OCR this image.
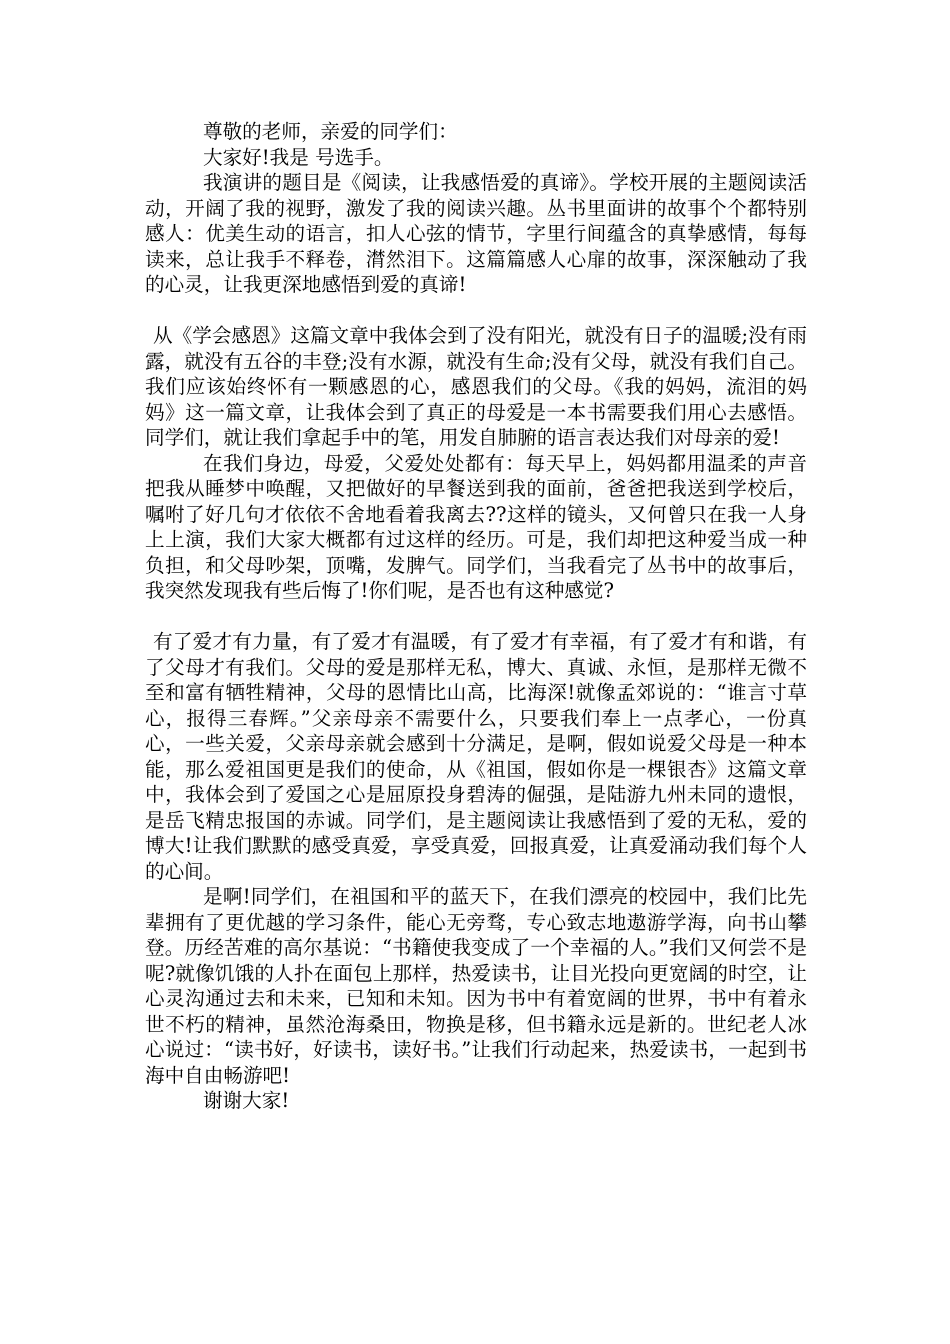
尊敬的老师，亲爱的同学们：

大家好!我是 号选手。

我演讲的题目是《阅读，让我感悟爱的真谛》。学校开展的主题阅读活动，开阔了我的视野，激发了我的阅读兴趣。丛书里面讲的故事个个都特别感人：优美生动的语言，扣人心弦的情节，字里行间蕴含的真挚感情，每每读来，总让我手不释卷，潸然泪下。这篇篇感人心扉的故事，深深触动了我的心灵，让我更深地感悟到爱的真谛!

从《学会感恩》这篇文章中我体会到了没有阳光，就没有日子的温暖;没有雨露，就没有五谷的丰登;没有水源，就没有生命;没有父母，就没有我们自己。我们应该始终怀有一颗感恩的心，感恩我们的父母。《我的妈妈，流泪的妈妈》这一篇文章，让我体会到了真正的母爱是一本书需要我们用心去感悟。同学们，就让我们拿起手中的笔，用发自肺腑的语言表达我们对母亲的爱!

在我们身边，母爱，父爱处处都有：每天早上，妈妈都用温柔的声音把我从睡梦中唤醒，又把做好的早餐送到我的面前，爸爸把我送到学校后，嘱咐了好几句才依依不舍地看着我离去??这样的镜头，又何曾只在我一人身上上演，我们大家大概都有过这样的经历。可是，我们却把这种爱当成一种负担，和父母吵架，顶嘴，发脾气。同学们，当我看完了丛书中的故事后，我突然发现我有些后悔了!你们呢，是否也有这种感觉?

有了爱才有力量，有了爱才有温暖，有了爱才有幸福，有了爱才有和谐，有了父母才有我们。父母的爱是那样无私，博大、真诚、永恒，是那样无微不至和富有牺牲精神，父母的恩情比山高，比海深!就像孟郊说的：“谁言寸草心，报得三春辉。”父亲母亲不需要什么，只要我们奉上一点孝心，一份真心，一些关爱，父亲母亲就会感到十分满足，是啊，假如说爱父母是一种本能，那么爱祖国更是我们的使命，从《祖国，假如你是一棵银杏》这篇文章中，我体会到了爱国之心是屈原投身碧涛的倔强，是陆游九州未同的遗恨，是岳飞精忠报国的赤诚。同学们，是主题阅读让我感悟到了爱的无私，爱的博大!让我们默默的感受真爱，享受真爱，回报真爱，让真爱涌动我们每个人的心间。

是啊!同学们，在祖国和平的蓝天下，在我们漂亮的校园中，我们比先辈拥有了更优越的学习条件，能心无旁骛，专心致志地遨游学海，向书山攀登。历经苦难的高尔基说：“书籍使我变成了一个幸福的人。”我们又何尝不是呢?就像饥饿的人扑在面包上那样，热爱读书，让目光投向更宽阔的时空，让心灵沟通过去和未来，已知和未知。因为书中有着宽阔的世界，书中有着永世不朽的精神，虽然沧海桑田，物换是移，但书籍永远是新的。世纪老人冰心说过：“读书好，好读书，读好书。”让我们行动起来，热爱读书，一起到书海中自由畅游吧!

谢谢大家!
